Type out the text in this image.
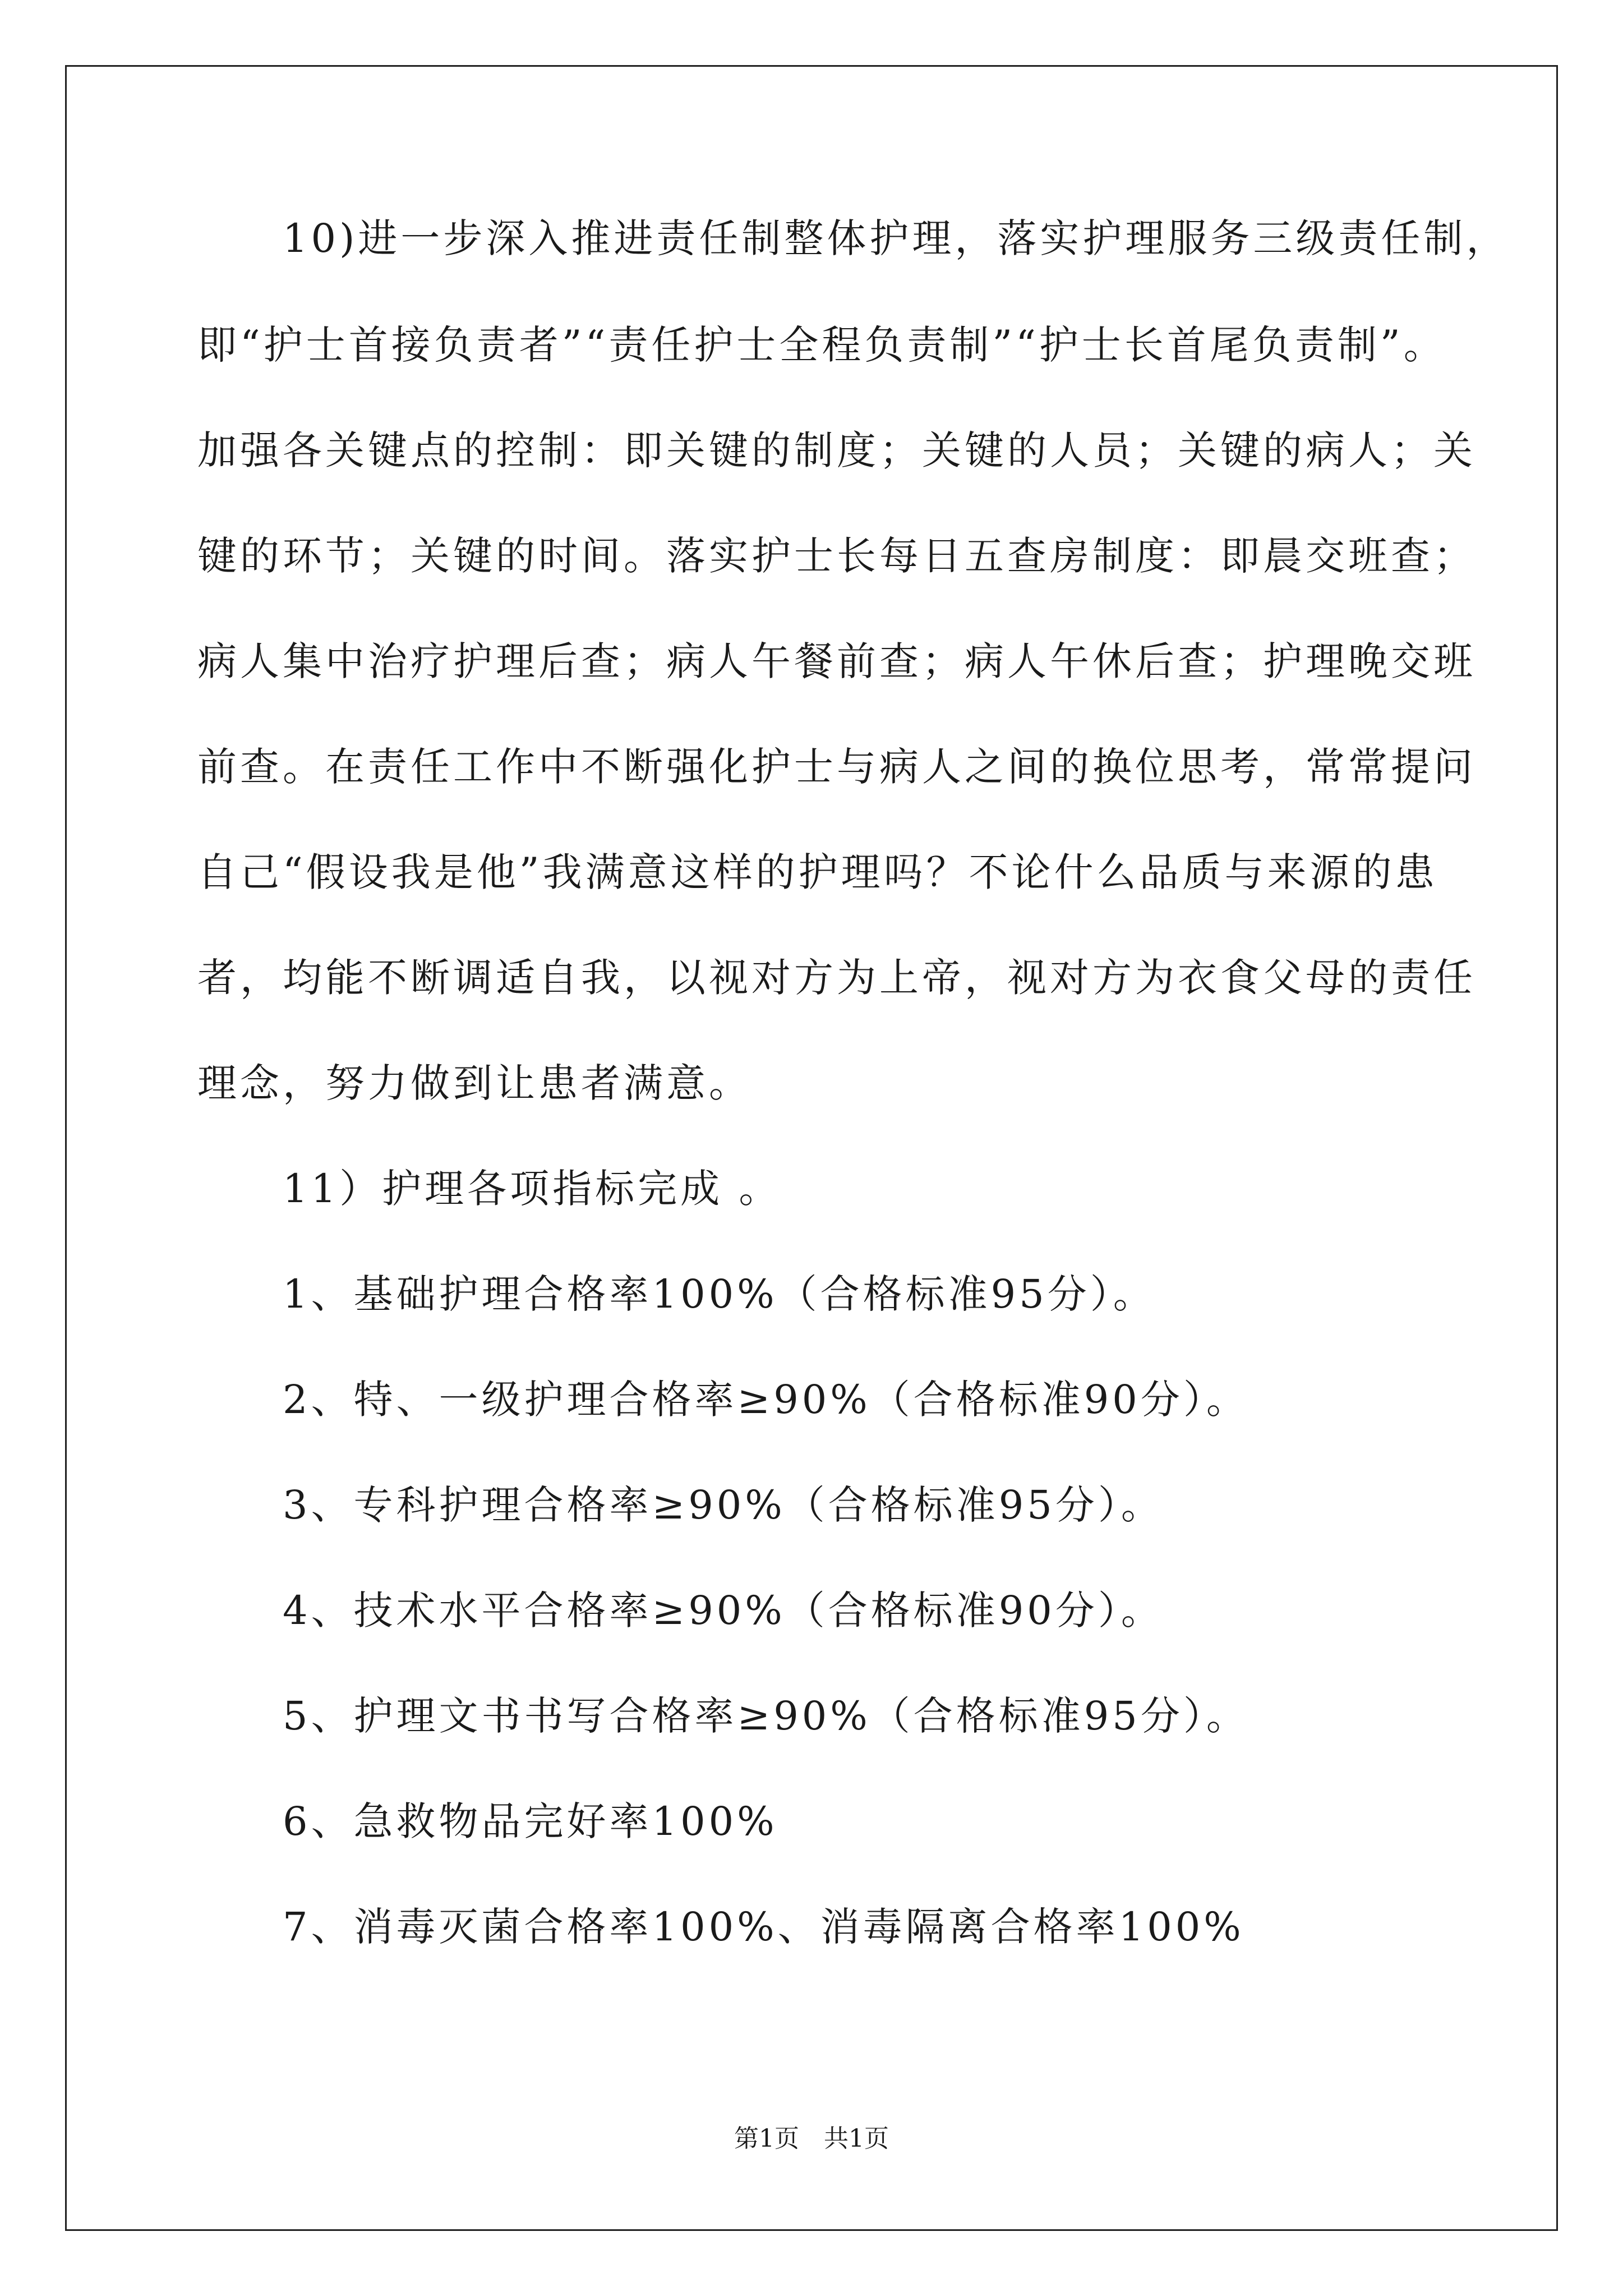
　　10)进一步深入推进责任制整体护理，落实护理服务三级责任制，
即“护士首接负责者”“责任护士全程负责制”“护士长首尾负责制”。
加强各关键点的控制：即关键的制度；关键的人员；关键的病人；关
键的环节；关键的时间。落实护士长每日五查房制度：即晨交班查；
病人集中治疗护理后查；病人午餐前查；病人午休后查；护理晚交班
前查。在责任工作中不断强化护士与病人之间的换位思考，常常提问
自己“假设我是他”我满意这样的护理吗？不论什么品质与来源的患
者，均能不断调适自我，以视对方为上帝，视对方为衣食父母的责任
理念，努力做到让患者满意。
　　11）护理各项指标完成 。
　　1、基础护理合格率100%（合格标准95分）。
　　2、特、一级护理合格率≥90%（合格标准90分）。
　　3、专科护理合格率≥90%（合格标准95分）。
　　4、技术水平合格率≥90%（合格标准90分）。
　　5、护理文书书写合格率≥90%（合格标准95分）。
　　6、急救物品完好率100%
　　7、消毒灭菌合格率100%、消毒隔离合格率100%
第1页　共1页
